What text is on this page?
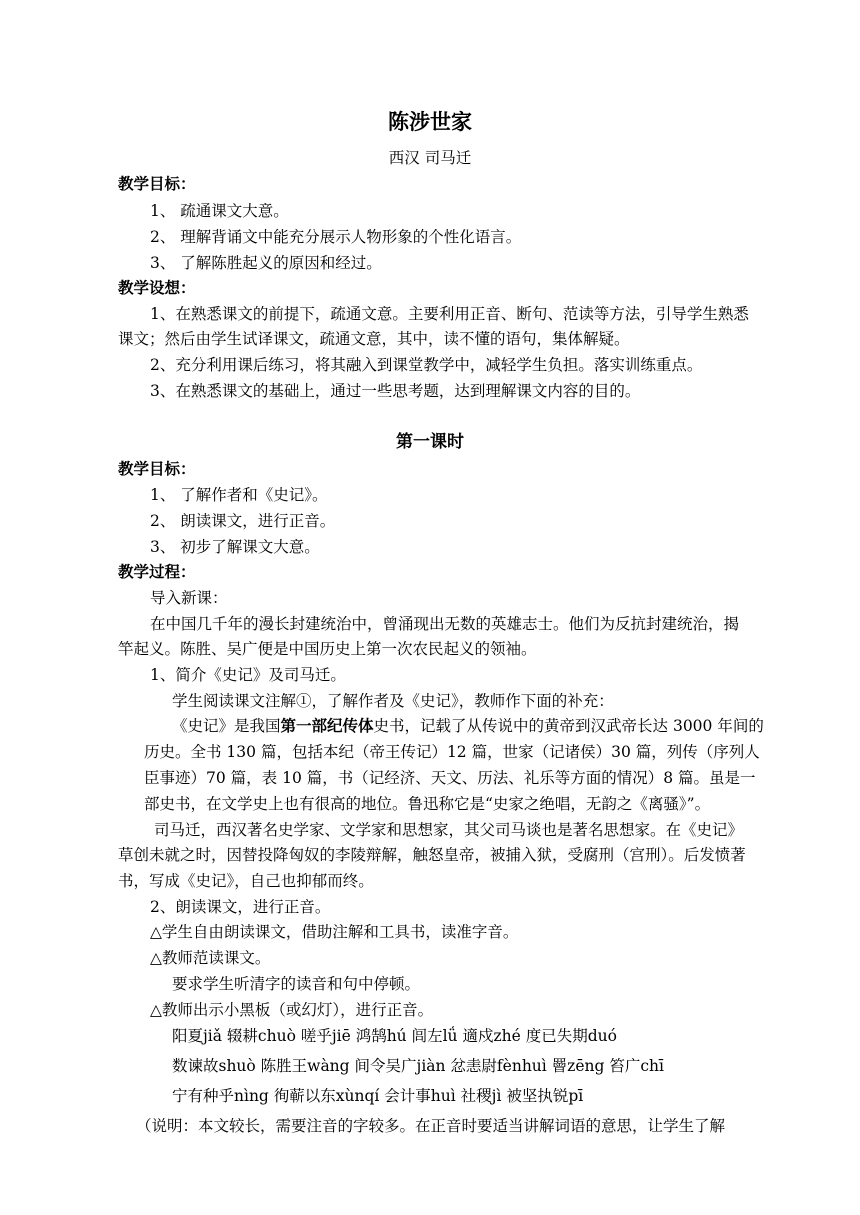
陈涉世家
西汉 司马迁
教学目标：
1、 疏通课文大意。
2、 理解背诵文中能充分展示人物形象的个性化语言。
3、 了解陈胜起义的原因和经过。
教学设想：
1、在熟悉课文的前提下，疏通文意。主要利用正音、断句、范读等方法，引导学生熟悉
课文；然后由学生试译课文，疏通文意，其中，读不懂的语句，集体解疑。
2、充分利用课后练习，将其融入到课堂教学中，减轻学生负担。落实训练重点。
3、在熟悉课文的基础上，通过一些思考题，达到理解课文内容的目的。
第一课时
教学目标：
1、 了解作者和《史记》。
2、 朗读课文，进行正音。
3、 初步了解课文大意。
教学过程：
导入新课：
在中国几千年的漫长封建统治中，曾涌现出无数的英雄志士。他们为反抗封建统治，揭
竿起义。陈胜、吴广便是中国历史上第一次农民起义的领袖。
1、简介《史记》及司马迁。
学生阅读课文注解①，了解作者及《史记》，教师作下面的补充：
《史记》是我国第一部纪传体史书，记载了从传说中的黄帝到汉武帝长达 3000 年间的
历史。全书 130 篇，包括本纪（帝王传记）12 篇，世家（记诸侯）30 篇，列传（序列人
臣事迹）70 篇，表 10 篇，书（记经济、天文、历法、礼乐等方面的情况）8 篇。虽是一
部史书，在文学史上也有很高的地位。鲁迅称它是“史家之绝唱，无韵之《离骚》”。
司马迁，西汉著名史学家、文学家和思想家，其父司马谈也是著名思想家。在《史记》
草创未就之时，因替投降匈奴的李陵辩解，触怒皇帝，被捕入狱，受腐刑（宫刑）。后发愤著
书，写成《史记》，自己也抑郁而终。
2、朗读课文，进行正音。
△学生自由朗读课文，借助注解和工具书，读准字音。
△教师范读课文。
要求学生听清字的读音和句中停顿。
△教师出示小黑板（或幻灯），进行正音。
阳夏jiǎ 辍耕chuò 嗟乎jiē 鸿鹄hú 闾左lǘ 適戍zhé 度已失期duó
数谏故shuò 陈胜王wàng 间令吴广jiàn 忿恚尉fènhuì 罾zēng 笞广chī
宁有种乎nìng 徇蕲以东xùnqí 会计事huì 社稷jì 被坚执锐pī
（说明：本文较长，需要注音的字较多。在正音时要适当讲解词语的意思，让学生了解
